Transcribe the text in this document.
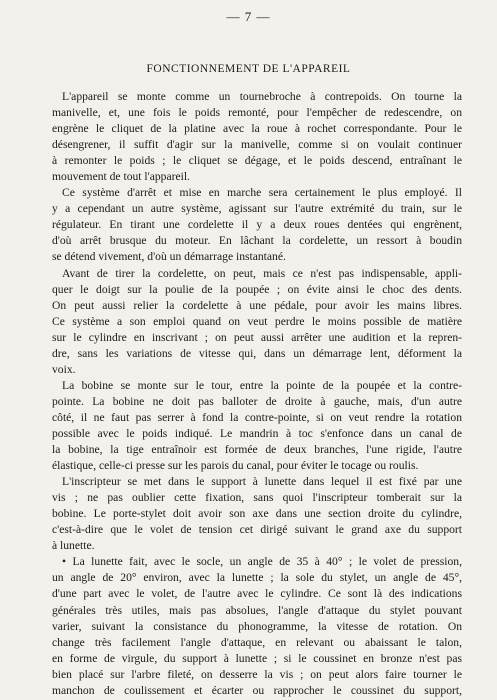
— 7 —
FONCTIONNEMENT DE L'APPAREIL

L'appareil se monte comme un tournebroche à contrepoids. On tourne la
manivelle, et, une fois le poids remonté, pour l'empêcher de redescendre, on
engrène le cliquet de la platine avec la roue à rochet correspondante. Pour le
désengrener, il suffit d'agir sur la manivelle, comme si on voulait continuer
à remonter le poids ; le cliquet se dégage, et le poids descend, entraînant le
mouvement de tout l'appareil.

Ce système d'arrêt et mise en marche sera certainement le plus employé. Il
y a cependant un autre système, agissant sur l'autre extrémité du train, sur le
régulateur. En tirant une cordelette il y a deux roues dentées qui engrènent,
d'où arrêt brusque du moteur. En lâchant la cordelette, un ressort à boudin
se détend vivement, d'où un démarrage instantané.

Avant de tirer la cordelette, on peut, mais ce n'est pas indispensable, appli-
quer le doigt sur la poulie de la poupée ; on évite ainsi le choc des dents.
On peut aussi relier la cordelette à une pédale, pour avoir les mains libres.
Ce système a son emploi quand on veut perdre le moins possible de matière
sur le cylindre en inscrivant ; on peut aussi arrêter une audition et la repren-
dre, sans les variations de vitesse qui, dans un démarrage lent, déforment la
voix.

La bobine se monte sur le tour, entre la pointe de la poupée et la contre-
pointe. La bobine ne doit pas balloter de droite à gauche, mais, d'un autre
côté, il ne faut pas serrer à fond la contre-pointe, si on veut rendre la rotation
possible avec le poids indiqué. Le mandrin à toc s'enfonce dans un canal de
la bobine, la tige entraînoir est formée de deux branches, l'une rigide, l'autre
élastique, celle-ci presse sur les parois du canal, pour éviter le tocage ou roulis.

L'inscripteur se met dans le support à lunette dans lequel il est fixé par une
vis ; ne pas oublier cette fixation, sans quoi l'inscripteur tomberait sur la
bobine. Le porte-stylet doit avoir son axe dans une section droite du cylindre,
c'est-à-dire que le volet de tension cet dirigé suivant le grand axe du support
à lunette.

• La lunette fait, avec le socle, un angle de 35 à 40° ; le volet de pression,
un angle de 20° environ, avec la lunette ; la sole du stylet, un angle de 45°,
d'une part avec le volet, de l'autre avec le cylindre. Ce sont là des indications
générales très utiles, mais pas absolues, l'angle d'attaque du stylet pouvant
varier, suivant la consistance du phonogramme, la vitesse de rotation. On
change très facilement l'angle d'attaque, en relevant ou abaissant le talon,
en forme de virgule, du support à lunette ; si le coussinet en bronze n'est pas
bien placé sur l'arbre fileté, on desserre la vis ; on peut alors faire tourner le
manchon de coulissement et écarter ou rapprocher le coussinet du support,
